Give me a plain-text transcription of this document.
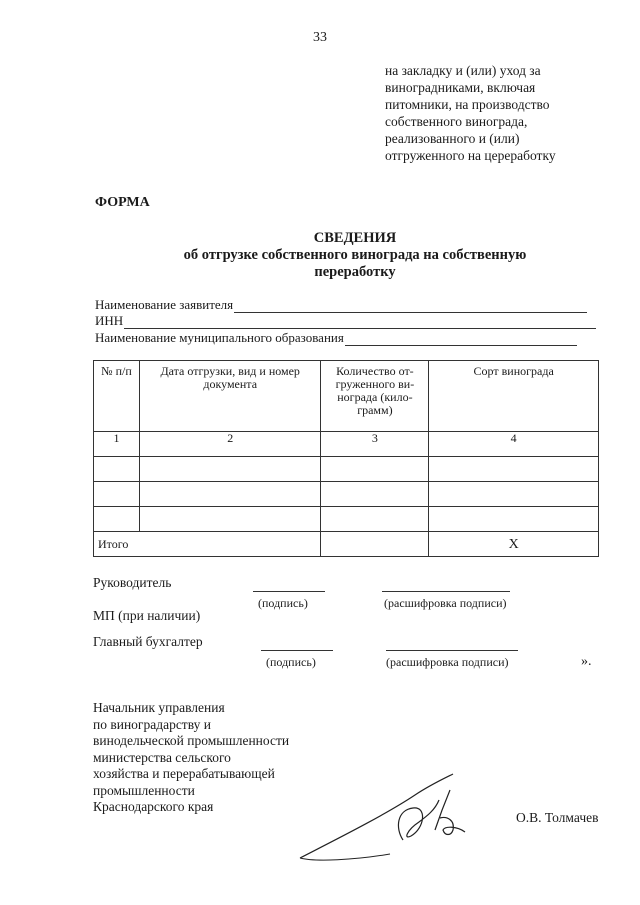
33
на закладку и (или) уход за
виноградниками, включая
питомники, на производство
собственного винограда,
реализованного и (или)
отгруженного на цереработку
ФОРМА
СВЕДЕНИЯ
об отгрузке собственного винограда на собственную
переработку
Наименование заявителя
ИНН
Наименование муниципального образования
№ п/п	Дата отгрузки, вид и номер документа	Количество от-груженного ви-нограда (кило-грамм)	Сорт винограда
1	2	3	4

Итого			Х
Руководитель
(подпись)	(расшифровка подписи)
МП (при наличии)
Главный бухгалтер
(подпись)	(расшифровка подписи)	».
Начальник управления
по виноградарству и
винодельческой промышленности
министерства сельского
хозяйства и перерабатывающей
промышленности
Краснодарского края
О.В. Толмачев
